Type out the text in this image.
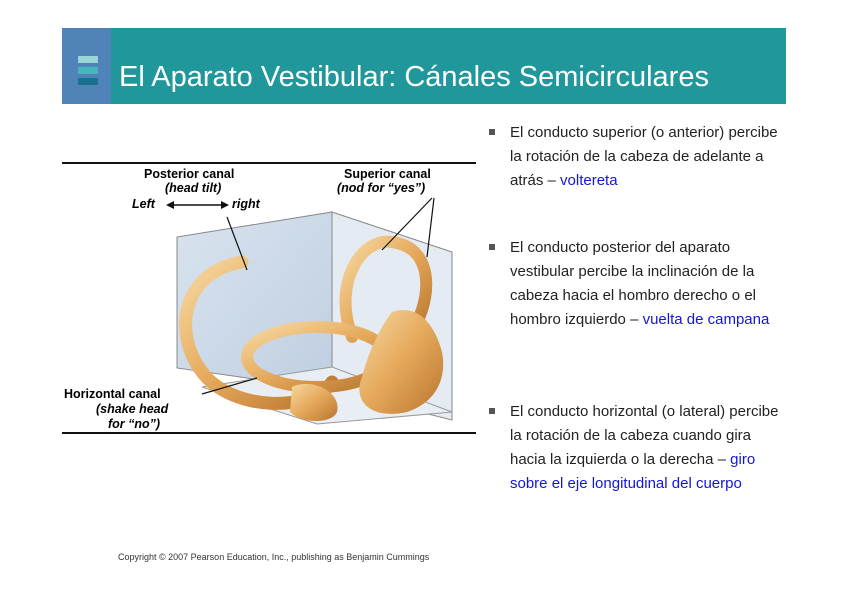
El Aparato Vestibular: Cánales Semicirculares
Posterior canal
(head tilt)
Left	right
Superior canal
(nod for “yes”)
Horizontal canal
(shake head
for “no”)
El conducto superior (o anterior) percibe la rotación de la cabeza de adelante a atrás – voltereta
El conducto posterior del aparato vestibular percibe la inclinación de la cabeza hacia el hombro derecho o el hombro izquierdo – vuelta de campana
El conducto horizontal (o lateral) percibe la rotación de la cabeza cuando gira hacia la izquierda o la derecha – giro sobre el eje longitudinal del cuerpo
Copyright © 2007 Pearson Education, Inc., publishing as Benjamin Cummings
